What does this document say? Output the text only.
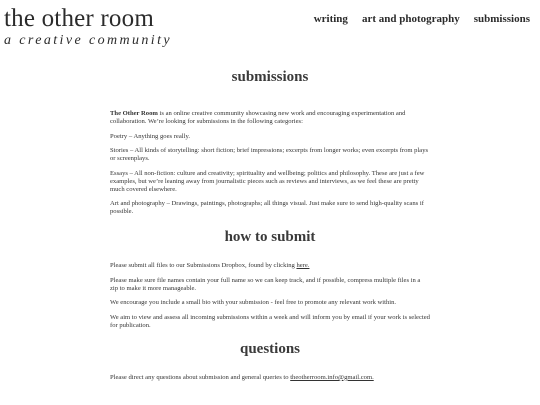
the other room
a creative community
writing art and photography submissions
submissions

The Other Room is an online creative community showcasing new work and encouraging experimentation and collaboration. We’re looking for submissions in the following categories:

Poetry – Anything goes really.

Stories – All kinds of storytelling: short fiction; brief impressions; excerpts from longer works; even excerpts from plays or screenplays.

Essays – All non-fiction: culture and creativity; spirituality and wellbeing; politics and philosophy. These are just a few examples, but we’re leaning away from journalistic pieces such as reviews and interviews, as we feel these are pretty much covered elsewhere.

Art and photography – Drawings, paintings, photographs; all things visual. Just make sure to send high-quality scans if possible.

how to submit

Please submit all files to our Submissions Dropbox, found by clicking here.

Please make sure file names contain your full name so we can keep track, and if possible, compress multiple files in a zip to make it more manageable.

We encourage you include a small bio with your submission - feel free to promote any relevant work within.

We aim to view and assess all incoming submissions within a week and will inform you by email if your work is selected for publication.

questions

Please direct any questions about submission and general queries to theotherroom.info@gmail.com.
